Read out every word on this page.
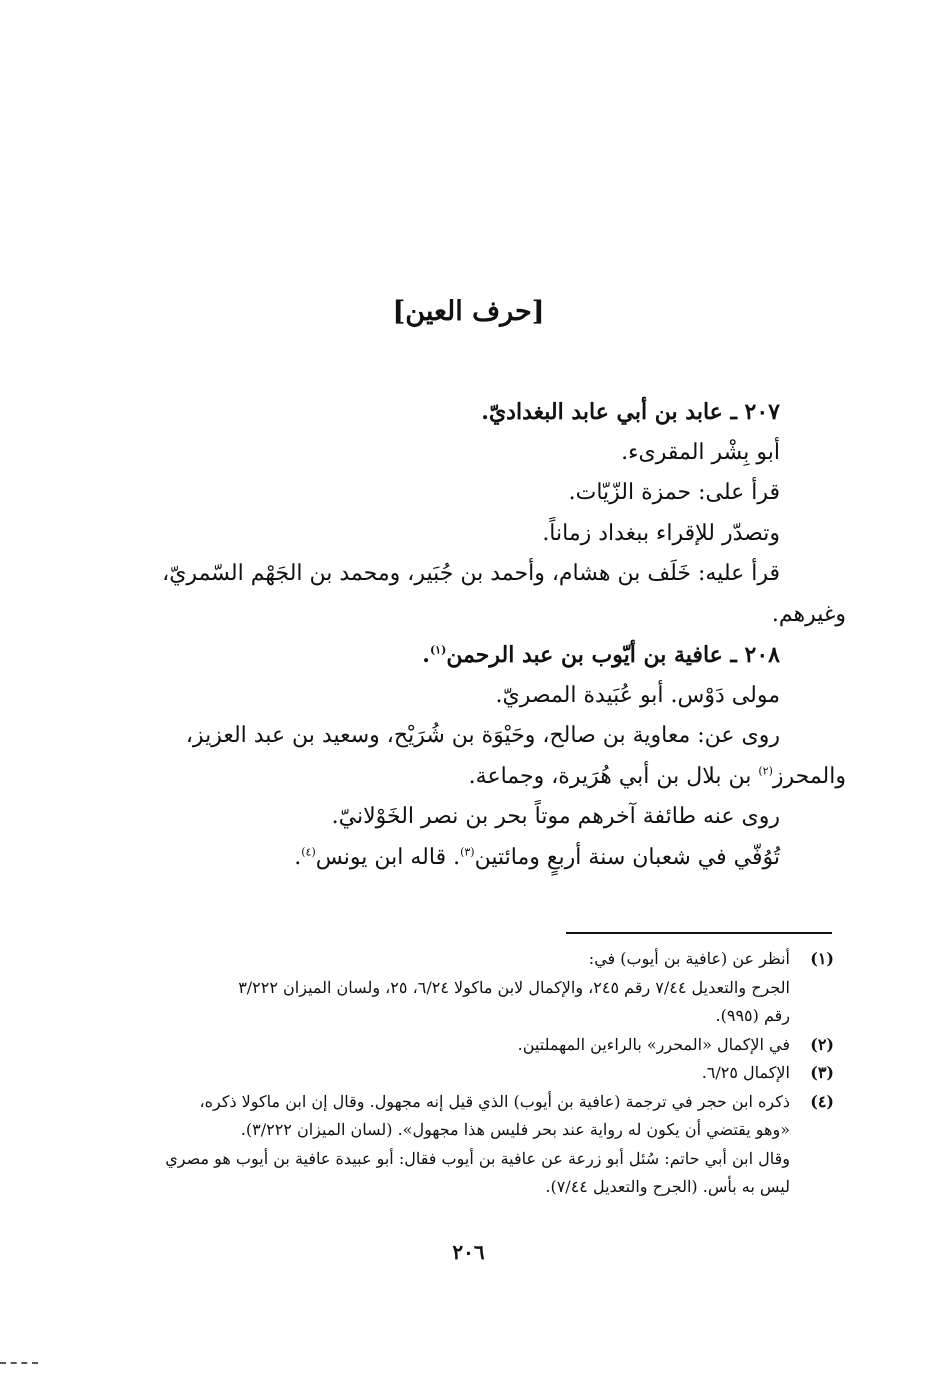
[حرف العين]
٢٠٧ ـ عابد بن أبي عابد البغداديّ.
أبو بِشْر المقرىء.
قرأ على: حمزة الزّيّات.
وتصدّر للإقراء ببغداد زماناً.
قرأ عليه: خَلَف بن هشام، وأحمد بن جُبَير، ومحمد بن الجَهْم السّمريّ،
وغيرهم.
٢٠٨ ـ عافية بن أيّوب بن عبد الرحمن$^{(١)}$.
مولى دَوْس. أبو عُبَيدة المصريّ.
روى عن: معاوية بن صالح، وحَيْوَة بن شُرَيْح، وسعيد بن عبد العزيز،
والمحرز$^{(٢)}$ بن بلال بن أبي هُرَيرة، وجماعة.
روى عنه طائفة آخرهم موتاً بحر بن نصر الخَوْلانيّ.
تُوُفّي في شعبان سنة أربعٍ ومائتين$^{(٣)}$. قاله ابن يونس$^{(٤)}$.
(١)
أنظر عن (عافية بن أيوب) في:
الجرح والتعديل ٧/٤٤ رقم ٢٤٥، والإكمال لابن ماكولا ٦/٢٤، ٢٥، ولسان الميزان ٣/٢٢٢
رقم (٩٩٥).
(٢)
في الإكمال «المحرر» بالراءين المهملتين.
(٣)
الإكمال ٦/٢٥.
(٤)
ذكره ابن حجر في ترجمة (عافية بن أيوب) الذي قيل إنه مجهول. وقال إن ابن ماكولا ذكره،
«وهو يقتضي أن يكون له رواية عند بحر فليس هذا مجهول». (لسان الميزان ٣/٢٢٢).
وقال ابن أبي حاتم: سُئل أبو زرعة عن عافية بن أيوب فقال: أبو عبيدة عافية بن أيوب هو مصري
ليس به بأس. (الجرح والتعديل ٧/٤٤).
٢٠٦
